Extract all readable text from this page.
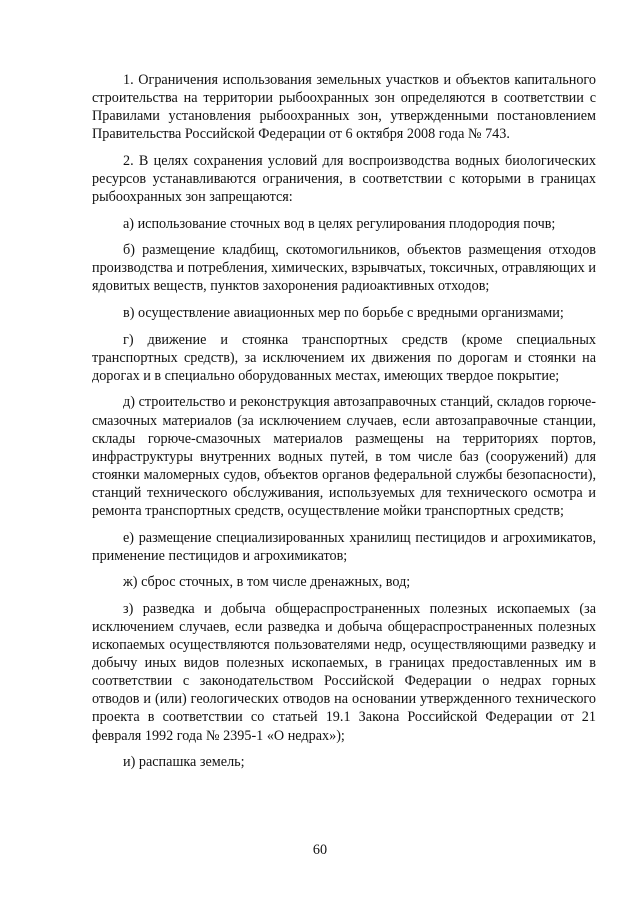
1. Ограничения использования земельных участков и объектов капитального строительства на территории рыбоохранных зон определяются в соответствии с Правилами установления рыбоохранных зон, утвержденными постановлением Правительства Российской Федерации от 6 октября 2008 года № 743.

2. В целях сохранения условий для воспроизводства водных биологических ресурсов устанавливаются ограничения, в соответствии с которыми в границах рыбоохранных зон запрещаются:

а) использование сточных вод в целях регулирования плодородия почв;

б) размещение кладбищ, скотомогильников, объектов размещения отходов производства и потребления, химических, взрывчатых, токсичных, отравляющих и ядовитых веществ, пунктов захоронения радиоактивных отходов;

в) осуществление авиационных мер по борьбе с вредными организмами;

г) движение и стоянка транспортных средств (кроме специальных транспортных средств), за исключением их движения по дорогам и стоянки на дорогах и в специально оборудованных местах, имеющих твердое покрытие;

д) строительство и реконструкция автозаправочных станций, складов горюче-смазочных материалов (за исключением случаев, если автозаправочные станции, склады горюче-смазочных материалов размещены на территориях портов, инфраструктуры внутренних водных путей, в том числе баз (сооружений) для стоянки маломерных судов, объектов органов федеральной службы безопасности), станций технического обслуживания, используемых для технического осмотра и ремонта транспортных средств, осуществление мойки транспортных средств;

е) размещение специализированных хранилищ пестицидов и агрохимикатов, применение пестицидов и агрохимикатов;

ж) сброс сточных, в том числе дренажных, вод;

з) разведка и добыча общераспространенных полезных ископаемых (за исключением случаев, если разведка и добыча общераспространенных полезных ископаемых осуществляются пользователями недр, осуществляющими разведку и добычу иных видов полезных ископаемых, в границах предоставленных им в соответствии с законодательством Российской Федерации о недрах горных отводов и (или) геологических отводов на основании утвержденного технического проекта в соответствии со статьей 19.1 Закона Российской Федерации от 21 февраля 1992 года № 2395-1 «О недрах»);

и) распашка земель;

60
